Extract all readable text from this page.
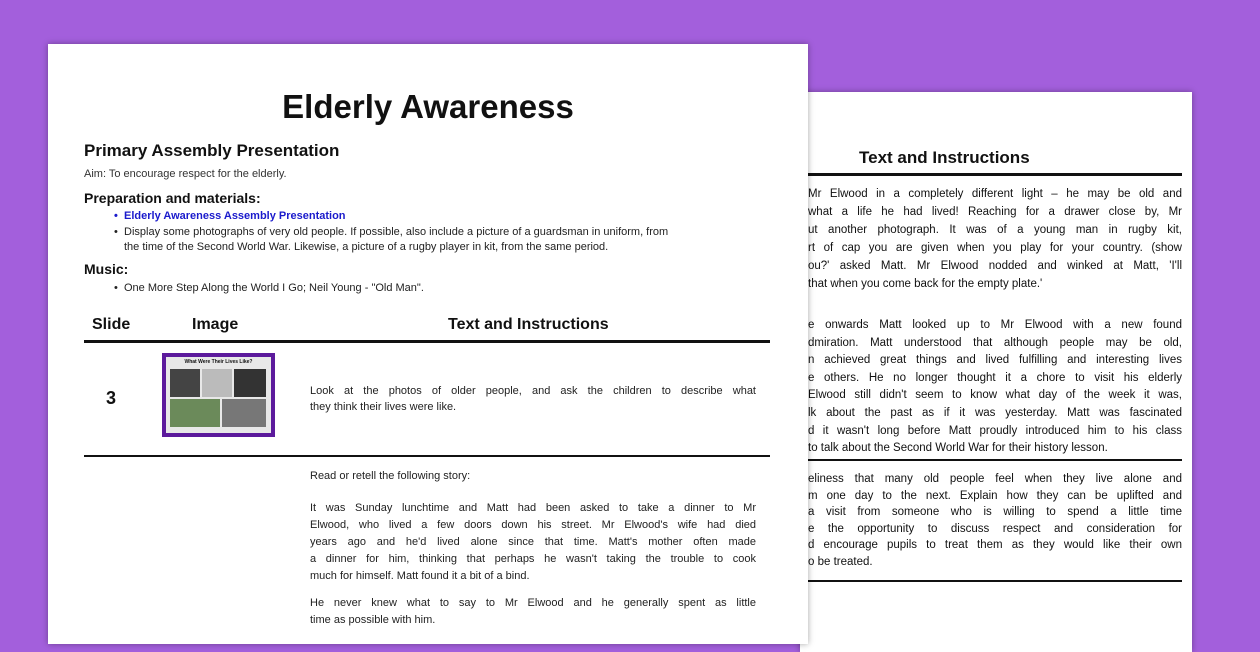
Text and Instructions
Mr Elwood in a completely different light – he may be old and
what a life he had lived! Reaching for a drawer close by, Mr
ut another photograph. It was of a young man in rugby kit,
rt of cap you are given when you play for your country. (show
ou?' asked Matt. Mr Elwood nodded and winked at Matt, 'I'll
that when you come back for the empty plate.'
e onwards Matt looked up to Mr Elwood with a new found
dmiration. Matt understood that although people may be old,
n achieved great things and lived fulfilling and interesting lives
e others. He no longer thought it a chore to visit his elderly
Elwood still didn't seem to know what day of the week it was,
lk about the past as if it was yesterday. Matt was fascinated
d it wasn't long before Matt proudly introduced him to his class
to talk about the Second World War for their history lesson.
eliness that many old people feel when they live alone and
m one day to the next. Explain how they can be uplifted and
a visit from someone who is willing to spend a little time
e the opportunity to discuss respect and consideration for
d encourage pupils to treat them as they would like their own
o be treated.
Elderly Awareness
Primary Assembly Presentation
Aim: To encourage respect for the elderly.
Preparation and materials:
• Elderly Awareness Assembly Presentation
• Display some photographs of very old people. If possible, also include a picture of a guardsman in uniform, from
the time of the Second World War. Likewise, a picture of a rugby player in kit, from the same period.
Music:
• One More Step Along the World I Go; Neil Young - "Old Man".
Slide	Image	Text and Instructions
3
What Were Their Lives Like?
Look at the photos of older people, and ask the children to describe what
they think their lives were like.
Read or retell the following story:
It was Sunday lunchtime and Matt had been asked to take a dinner to Mr
Elwood, who lived a few doors down his street. Mr Elwood's wife had died
years ago and he'd lived alone since that time. Matt's mother often made
a dinner for him, thinking that perhaps he wasn't taking the trouble to cook
much for himself. Matt found it a bit of a bind.
He never knew what to say to Mr Elwood and he generally spent as little
time as possible with him.
